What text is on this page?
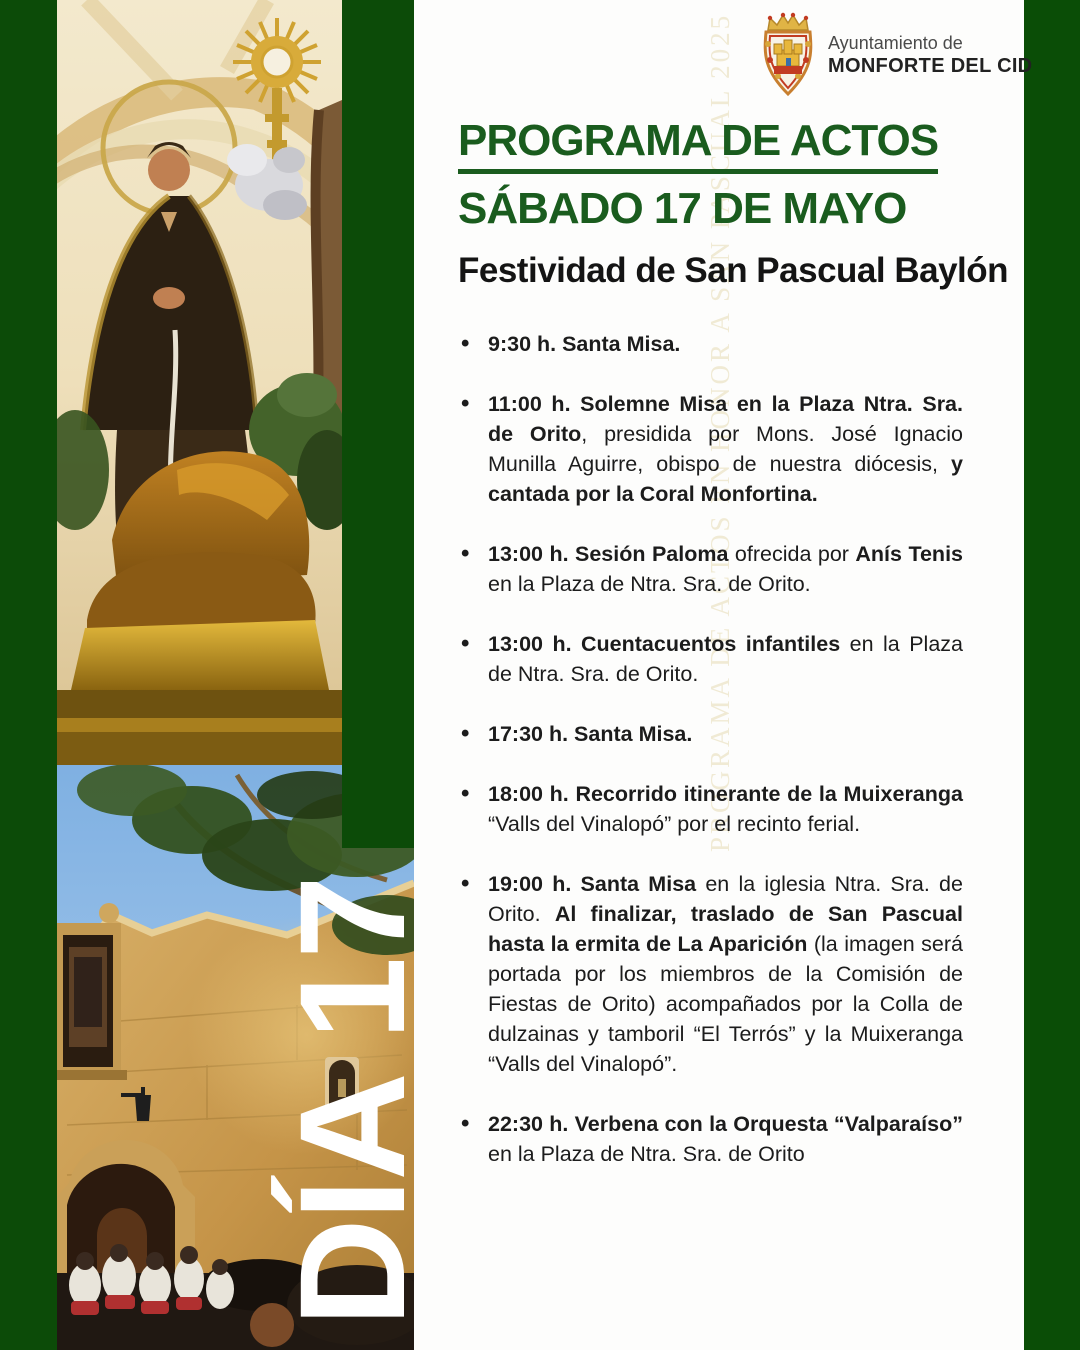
PROGRAMA DE ACTOS EN HONOR A SAN PASCUAL 2025
DÍA 17
Ayuntamiento de
MONFORTE DEL CID
PROGRAMA DE ACTOS
SÁBADO 17 DE MAYO
Festividad de San Pascual Baylón
• 9:30 h. Santa Misa.
• 11:00 h. Solemne Misa en la Plaza Ntra. Sra. de Orito, presidida por Mons. José Ignacio Munilla Aguirre, obispo de nuestra diócesis, y cantada por la Coral Monfortina.
• 13:00 h. Sesión Paloma ofrecida por Anís Tenis en la Plaza de Ntra. Sra. de Orito.
• 13:00 h. Cuentacuentos infantiles en la Plaza de Ntra. Sra. de Orito.
• 17:30 h. Santa Misa.
• 18:00 h. Recorrido itinerante de la Muixeranga “Valls del Vinalopó” por el recinto ferial.
• 19:00 h. Santa Misa en la iglesia Ntra. Sra. de Orito. Al finalizar, traslado de San Pascual hasta la ermita de La Aparición (la imagen será portada por los miembros de la Comisión de Fiestas de Orito) acompañados por la Colla de dulzainas y tamboril “El Terrós” y la Muixeranga “Valls del Vinalopó”.
• 22:30 h. Verbena con la Orquesta “Valparaíso” en la Plaza de Ntra. Sra. de Orito
